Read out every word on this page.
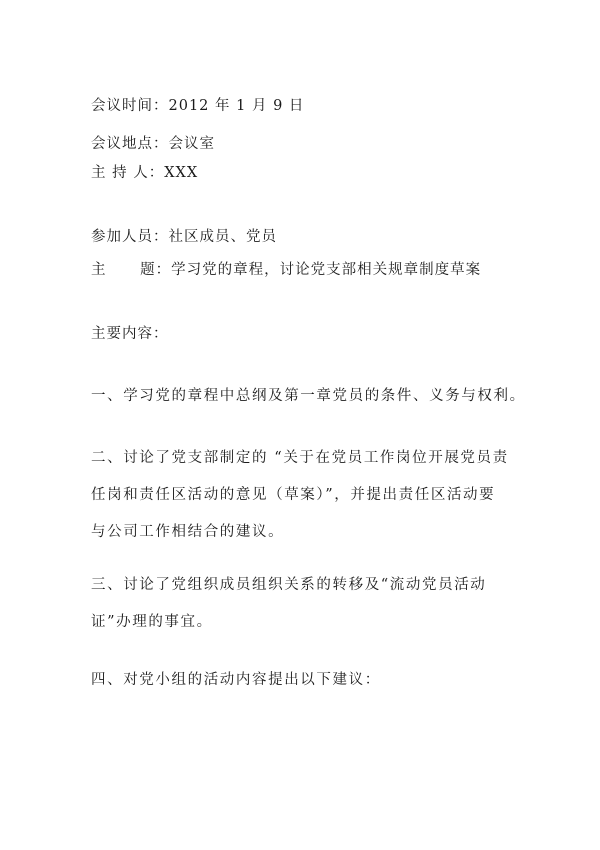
会议时间：2012 年 1 月 9 日
会议地点：会议室
主 持 人：XXX
参加人员：社区成员、党员
主      题：学习党的章程，讨论党支部相关规章制度草案
主要内容：
一、学习党的章程中总纲及第一章党员的条件、义务与权利。
二、讨论了党支部制定的 “关于在党员工作岗位开展党员责任岗和责任区活动的意见（草案）”，并提出责任区活动要与公司工作相结合的建议。
三、讨论了党组织成员组织关系的转移及“流动党员活动证”办理的事宜。
四、对党小组的活动内容提出以下建议：
